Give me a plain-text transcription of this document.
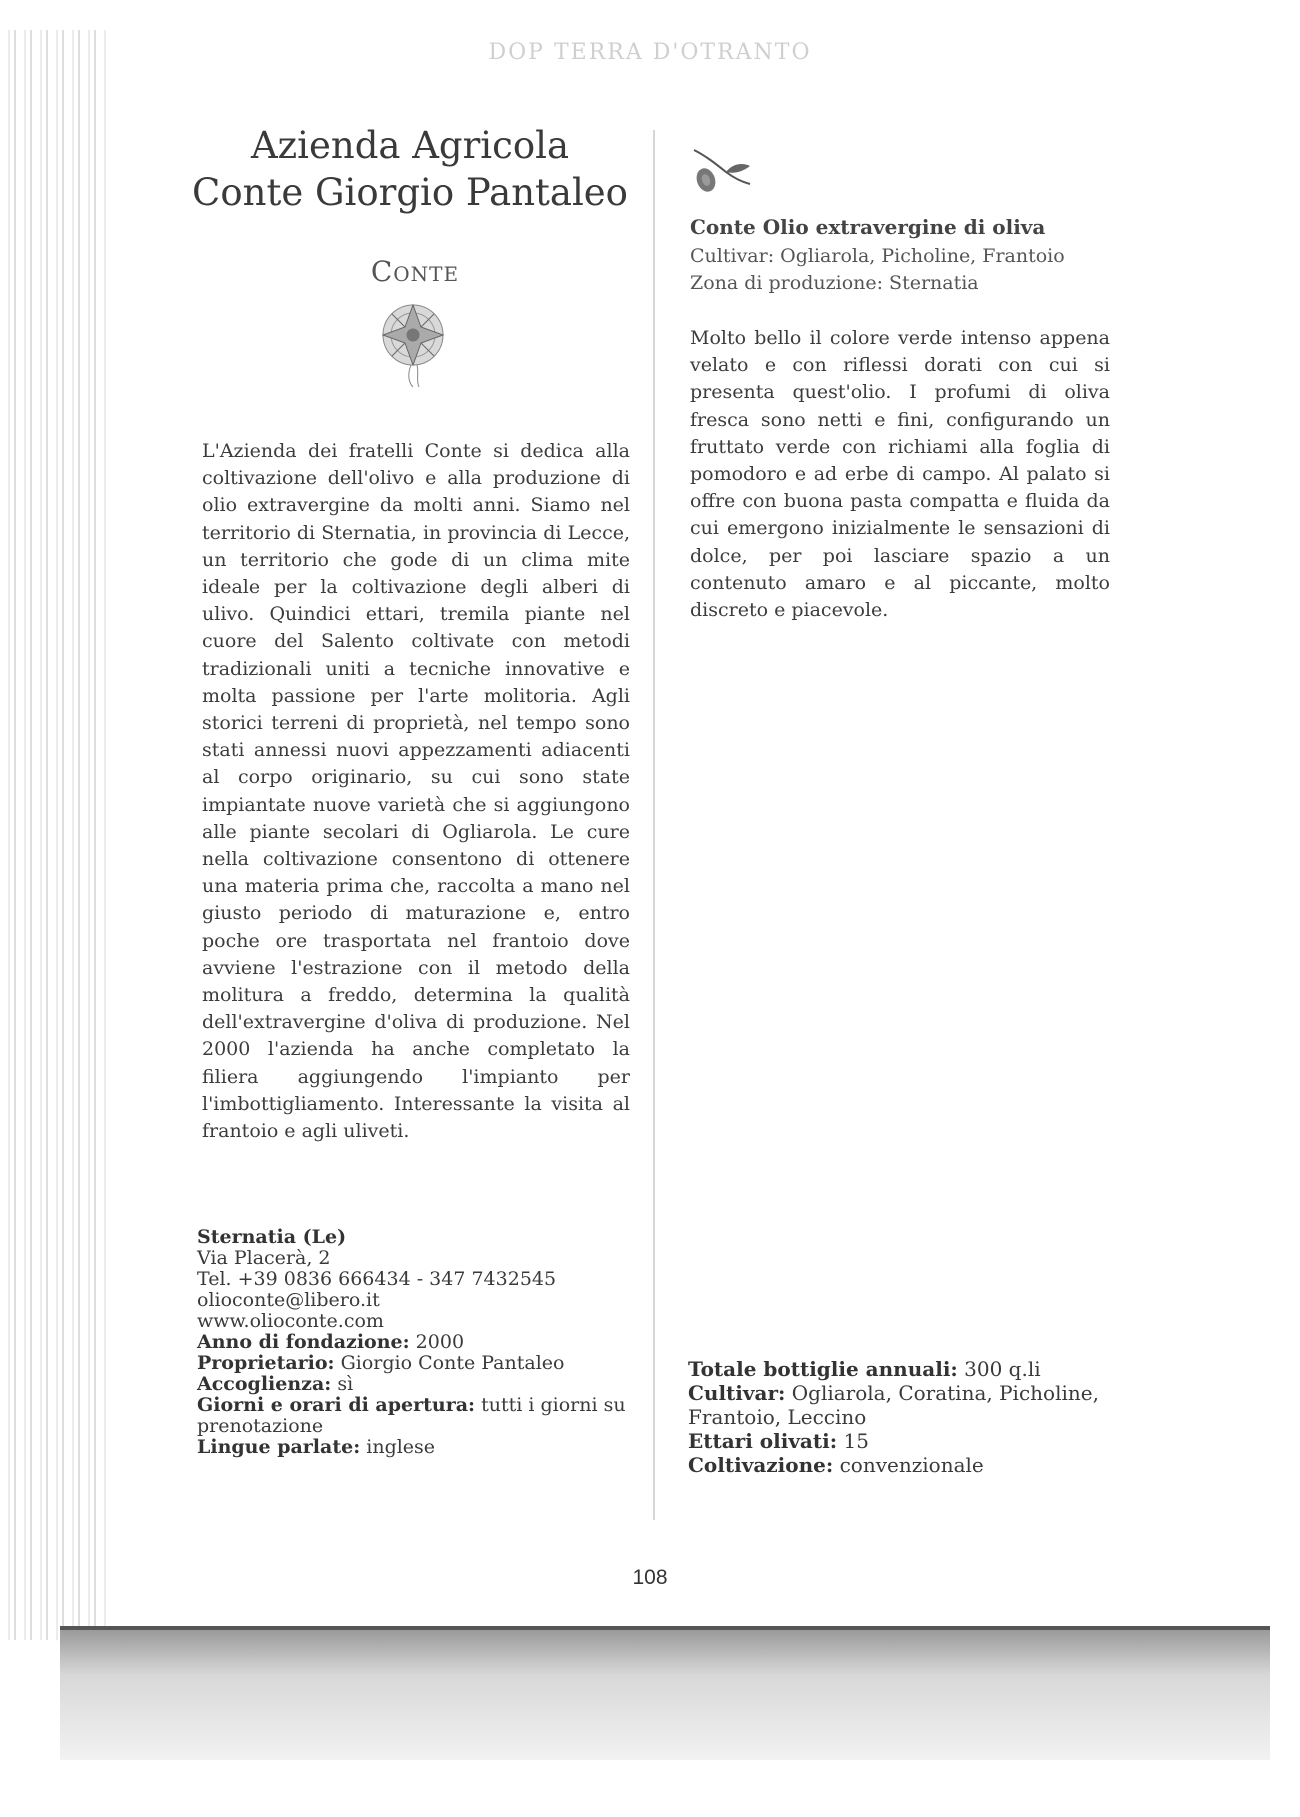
DOP TERRA D'OTRANTO
Azienda Agricola
Conte Giorgio Pantaleo
Conte
L'Azienda dei fratelli Conte si dedica alla coltivazione dell'olivo e alla produzione di olio extravergine da molti anni. Siamo nel territorio di Sternatia, in provincia di Lecce, un territorio che gode di un clima mite ideale per la coltivazione degli alberi di ulivo. Quindici ettari, tremila piante nel cuore del Salento coltivate con metodi tradizionali uniti a tecniche innovative e molta passione per l'arte molitoria. Agli storici terreni di proprietà, nel tempo sono stati annessi nuovi appezzamenti adiacenti al corpo originario, su cui sono state impiantate nuove varietà che si aggiungono alle piante secolari di Ogliarola. Le cure nella coltivazione consentono di ottenere una materia prima che, raccolta a mano nel giusto periodo di maturazione e, entro poche ore trasportata nel frantoio dove avviene l'estrazione con il metodo della molitura a freddo, determina la qualità dell'extravergine d'oliva di produzione. Nel 2000 l'azienda ha anche completato la filiera aggiungendo l'impianto per l'imbottigliamento. Interessante la visita al frantoio e agli uliveti.
Conte Olio extravergine di oliva
Cultivar: Ogliarola, Picholine, Frantoio
Zona di produzione: Sternatia
Molto bello il colore verde intenso appena velato e con riflessi dorati con cui si presenta quest'olio. I profumi di oliva fresca sono netti e fini, configurando un fruttato verde con richiami alla foglia di pomodoro e ad erbe di campo. Al palato si offre con buona pasta compatta e fluida da cui emergono inizialmente le sensazioni di dolce, per poi lasciare spazio a un contenuto amaro e al piccante, molto discreto e piacevole.
Sternatia (Le)
Via Placerà, 2
Tel. +39 0836 666434 - 347 7432545
olioconte@libero.it
www.olioconte.com
Anno di fondazione: 2000
Proprietario: Giorgio Conte Pantaleo
Accoglienza: sì
Giorni e orari di apertura: tutti i giorni su prenotazione
Lingue parlate: inglese
Totale bottiglie annuali: 300 q.li
Cultivar: Ogliarola, Coratina, Picholine, Frantoio, Leccino
Ettari olivati: 15
Coltivazione: convenzionale
108
